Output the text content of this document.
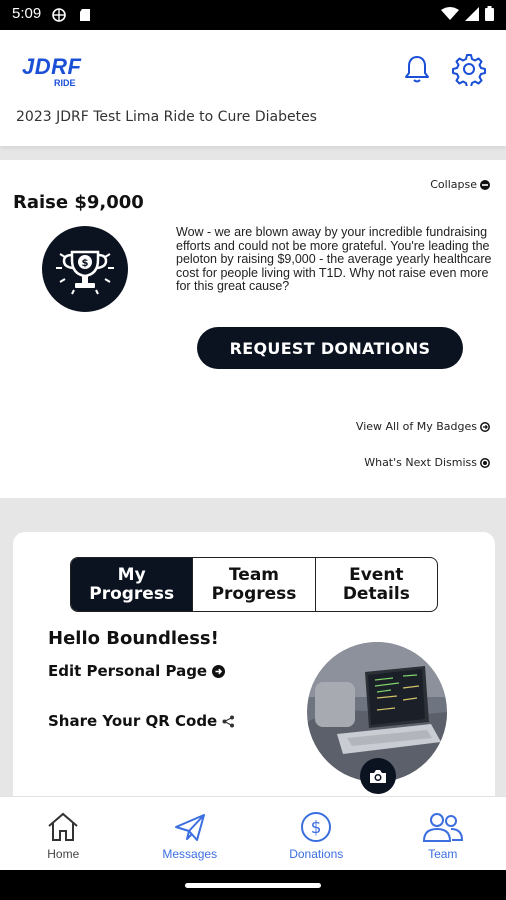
5:09
JDRF
RIDE
2023 JDRF Test Lima Ride to Cure Diabetes
Collapse
Raise $9,000
$
Wow - we are blown away by your incredible fundraising efforts and could not be more grateful. You're leading the peloton by raising $9,000 - the average yearly healthcare cost for people living with T1D. Why not raise even more for this great cause?
REQUEST DONATIONS
View All of My Badges
What's Next Dismiss
My Progress
Team Progress
Event Details
Hello Boundless!
Edit Personal Page
Share Your QR Code
Home	Messages
$
Donations	Team
